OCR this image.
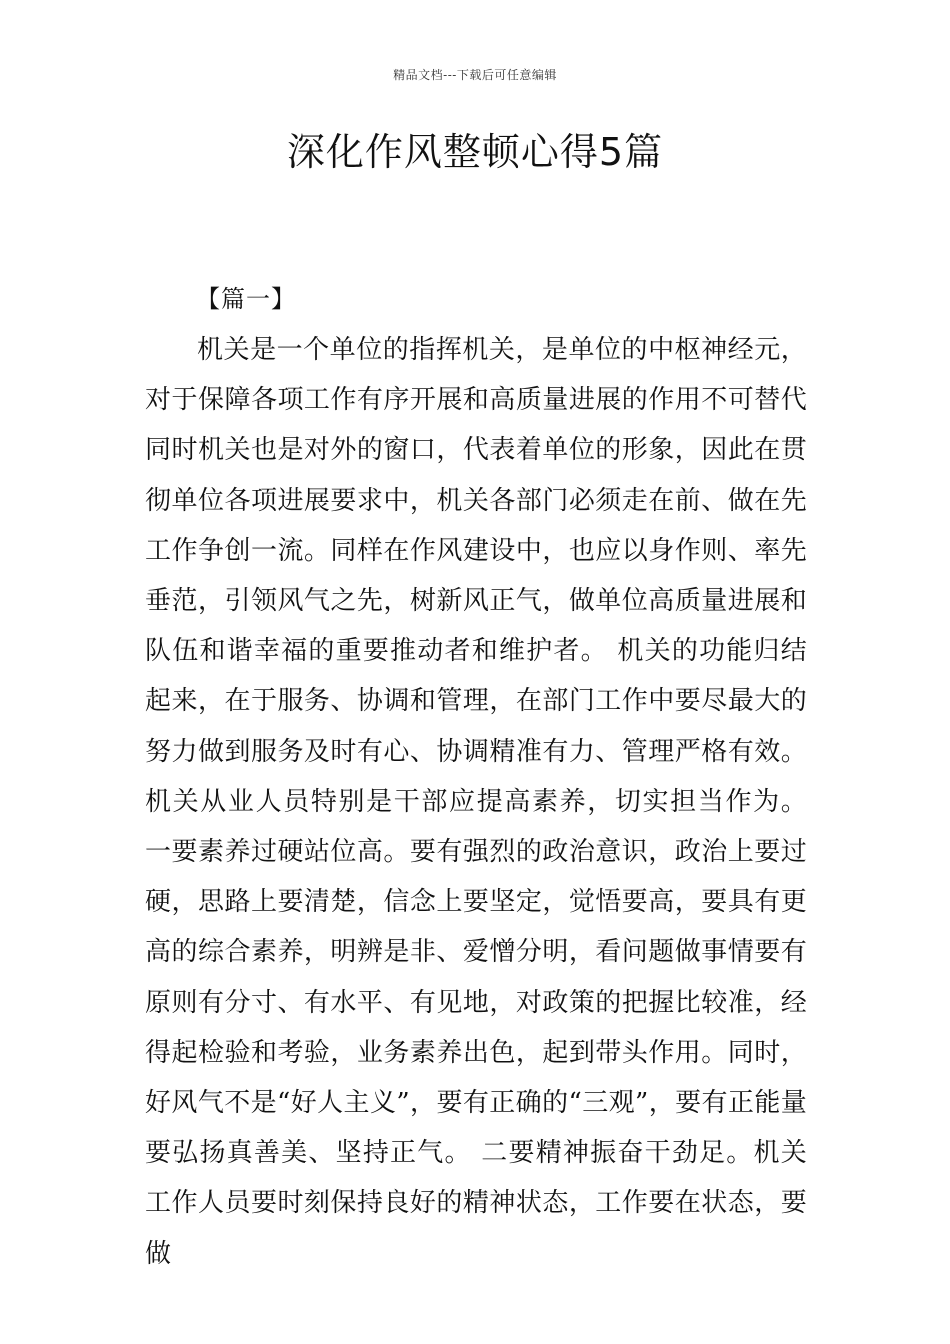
精品文档---下载后可任意编辑
深化作风整顿心得5篇

【篇一】

机关是一个单位的指挥机关，是单位的中枢神经元，对于保障各项工作有序开展和高质量进展的作用不可替代同时机关也是对外的窗口，代表着单位的形象，因此在贯彻单位各项进展要求中，机关各部门必须走在前、做在先工作争创一流。同样在作风建设中，也应以身作则、率先垂范，引领风气之先，树新风正气，做单位高质量进展和队伍和谐幸福的重要推动者和维护者。 机关的功能归结起来，在于服务、协调和管理，在部门工作中要尽最大的努力做到服务及时有心、协调精准有力、管理严格有效。 机关从业人员特别是干部应提高素养，切实担当作为。 一要素养过硬站位高。要有强烈的政治意识，政治上要过硬，思路上要清楚，信念上要坚定，觉悟要高，要具有更高的综合素养，明辨是非、爱憎分明，看问题做事情要有原则有分寸、有水平、有见地，对政策的把握比较准，经得起检验和考验，业务素养出色，起到带头作用。同时，好风气不是“好人主义”，要有正确的“三观”，要有正能量要弘扬真善美、坚持正气。 二要精神振奋干劲足。机关工作人员要时刻保持良好的精神状态，工作要在状态，要做
